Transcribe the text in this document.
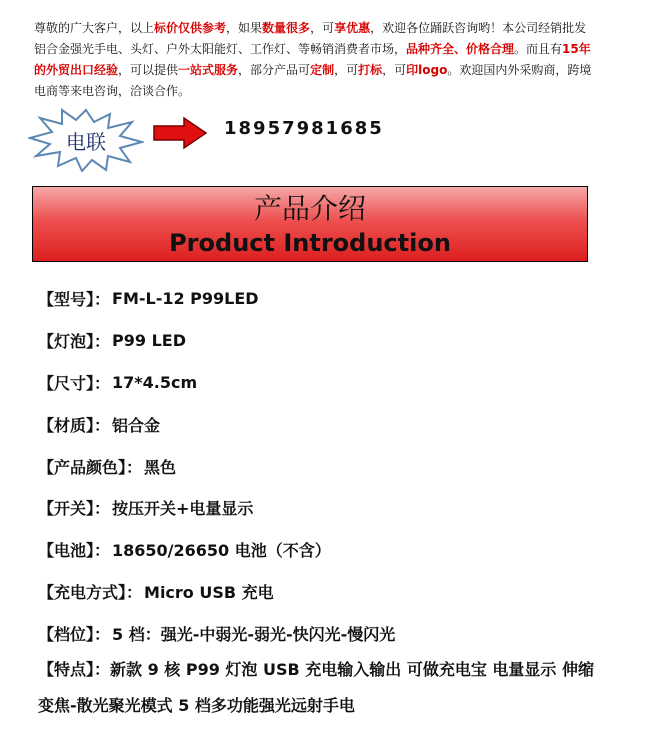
尊敬的广大客户，以上标价仅供参考，如果数量很多，可享优惠，欢迎各位踊跃咨询哟！本公司经销批发铝合金强光手电、头灯、户外太阳能灯、工作灯、等畅销消费者市场，品种齐全、价格合理。而且有15年的外贸出口经验，可以提供一站式服务，部分产品可定制，可打标，可印logo。欢迎国内外采购商，跨境电商等来电咨询，洽谈合作。
电联
18957981685
产品介绍
Product Introduction
【型号】： FM-L-12 P99LED
【灯泡】： P99 LED
【尺寸】： 17*4.5cm
【材质】： 铝合金
【产品颜色】： 黑色
【开关】： 按压开关+电量显示
【电池】： 18650/26650 电池（不含）
【充电方式】： Micro USB 充电
【档位】： 5 档：强光-中弱光-弱光-快闪光-慢闪光
【特点】：新款 9 核 P99 灯泡 USB 充电输入输出 可做充电宝 电量显示 伸缩变焦-散光聚光模式 5 档多功能强光远射手电
